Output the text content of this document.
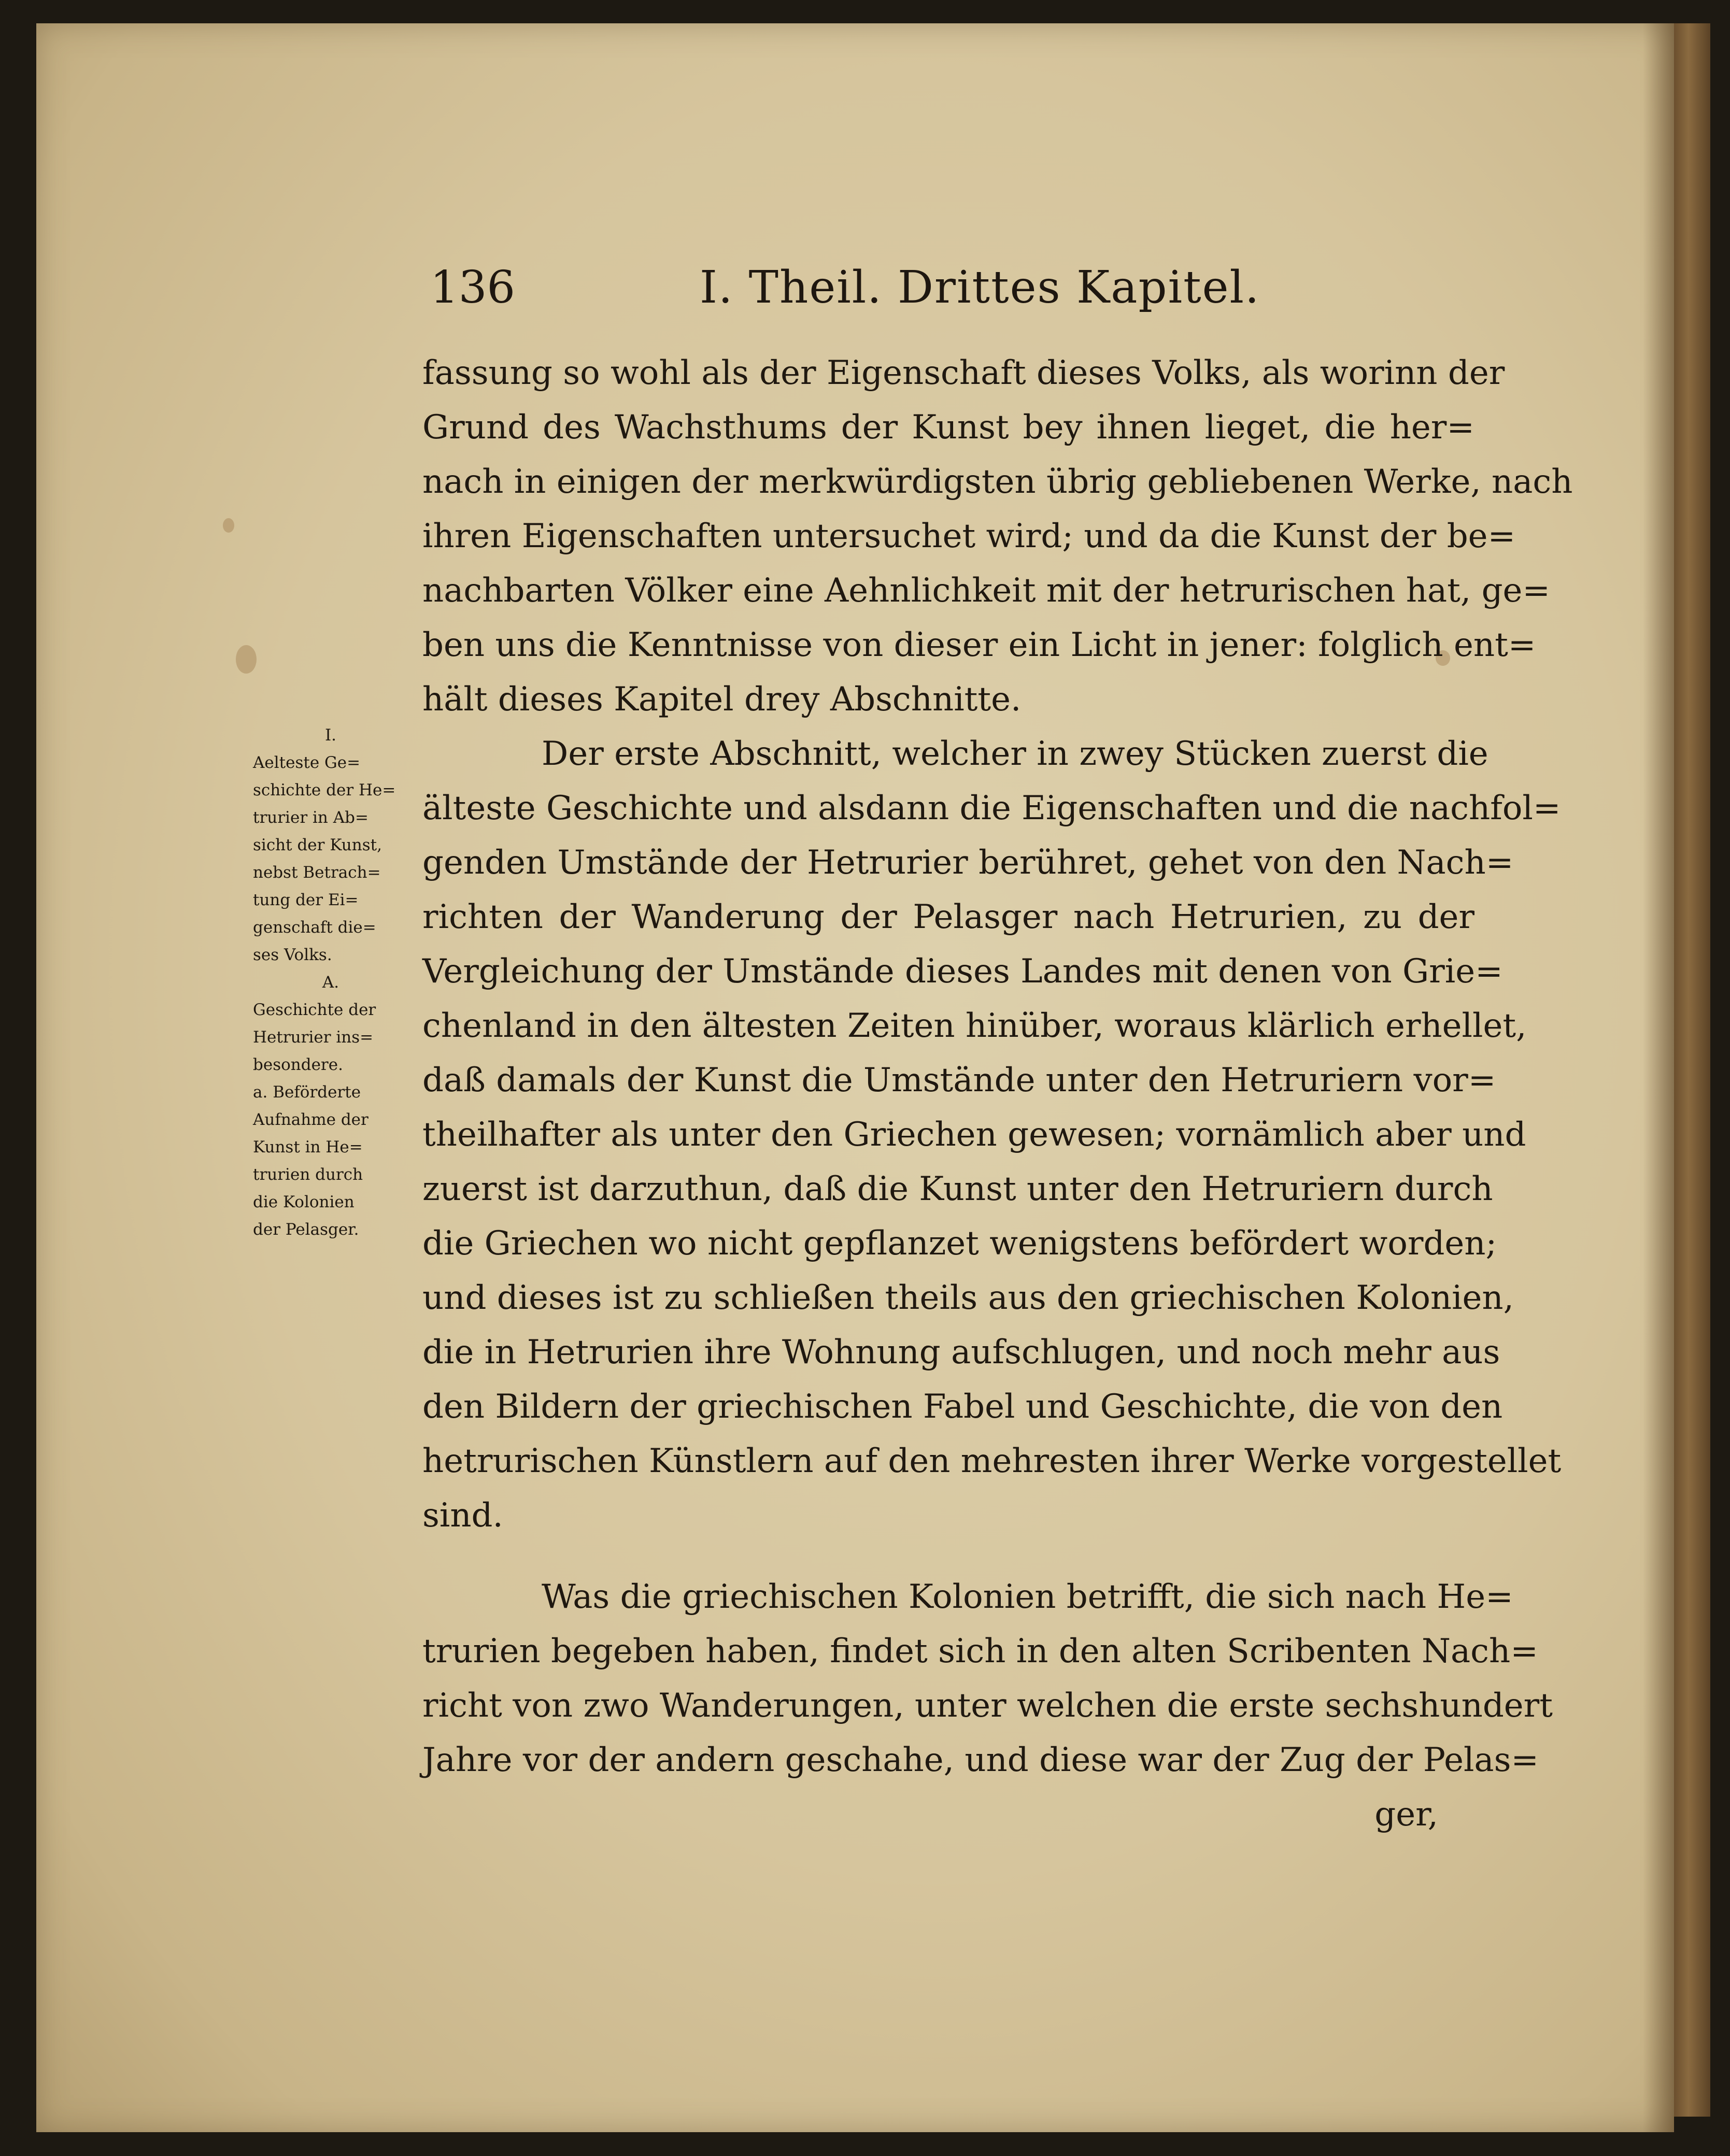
136	I. Theil. Drittes Kapitel.
fassung so wohl als der Eigenschaft dieses Volks, als worinn der
Grund des Wachsthums der Kunst bey ihnen lieget, die her=
nach in einigen der merkwürdigsten übrig gebliebenen Werke, nach
ihren Eigenschaften untersuchet wird; und da die Kunst der be=
nachbarten Völker eine Aehnlichkeit mit der hetrurischen hat, ge=
ben uns die Kenntnisse von dieser ein Licht in jener: folglich ent=
hält dieses Kapitel drey Abschnitte.
Der erste Abschnitt, welcher in zwey Stücken zuerst die
älteste Geschichte und alsdann die Eigenschaften und die nachfol=
genden Umstände der Hetrurier berühret, gehet von den Nach=
richten der Wanderung der Pelasger nach Hetrurien, zu der
Vergleichung der Umstände dieses Landes mit denen von Grie=
chenland in den ältesten Zeiten hinüber, woraus klärlich erhellet,
daß damals der Kunst die Umstände unter den Hetruriern vor=
theilhafter als unter den Griechen gewesen; vornämlich aber und
zuerst ist darzuthun, daß die Kunst unter den Hetruriern durch
die Griechen wo nicht gepflanzet wenigstens befördert worden;
und dieses ist zu schließen theils aus den griechischen Kolonien,
die in Hetrurien ihre Wohnung aufschlugen, und noch mehr aus
den Bildern der griechischen Fabel und Geschichte, die von den
hetrurischen Künstlern auf den mehresten ihrer Werke vorgestellet
sind.
Was die griechischen Kolonien betrifft, die sich nach He=
trurien begeben haben, findet sich in den alten Scribenten Nach=
richt von zwo Wanderungen, unter welchen die erste sechshundert
Jahre vor der andern geschahe, und diese war der Zug der Pelas=
ger,
I.
Aelteste Ge=
schichte der He=
trurier in Ab=
sicht der Kunst,
nebst Betrach=
tung der Ei=
genschaft die=
ses Volks.
A.
Geschichte der
Hetrurier ins=
besondere.
a. Beförderte
Aufnahme der
Kunst in He=
trurien durch
die Kolonien
der Pelasger.
